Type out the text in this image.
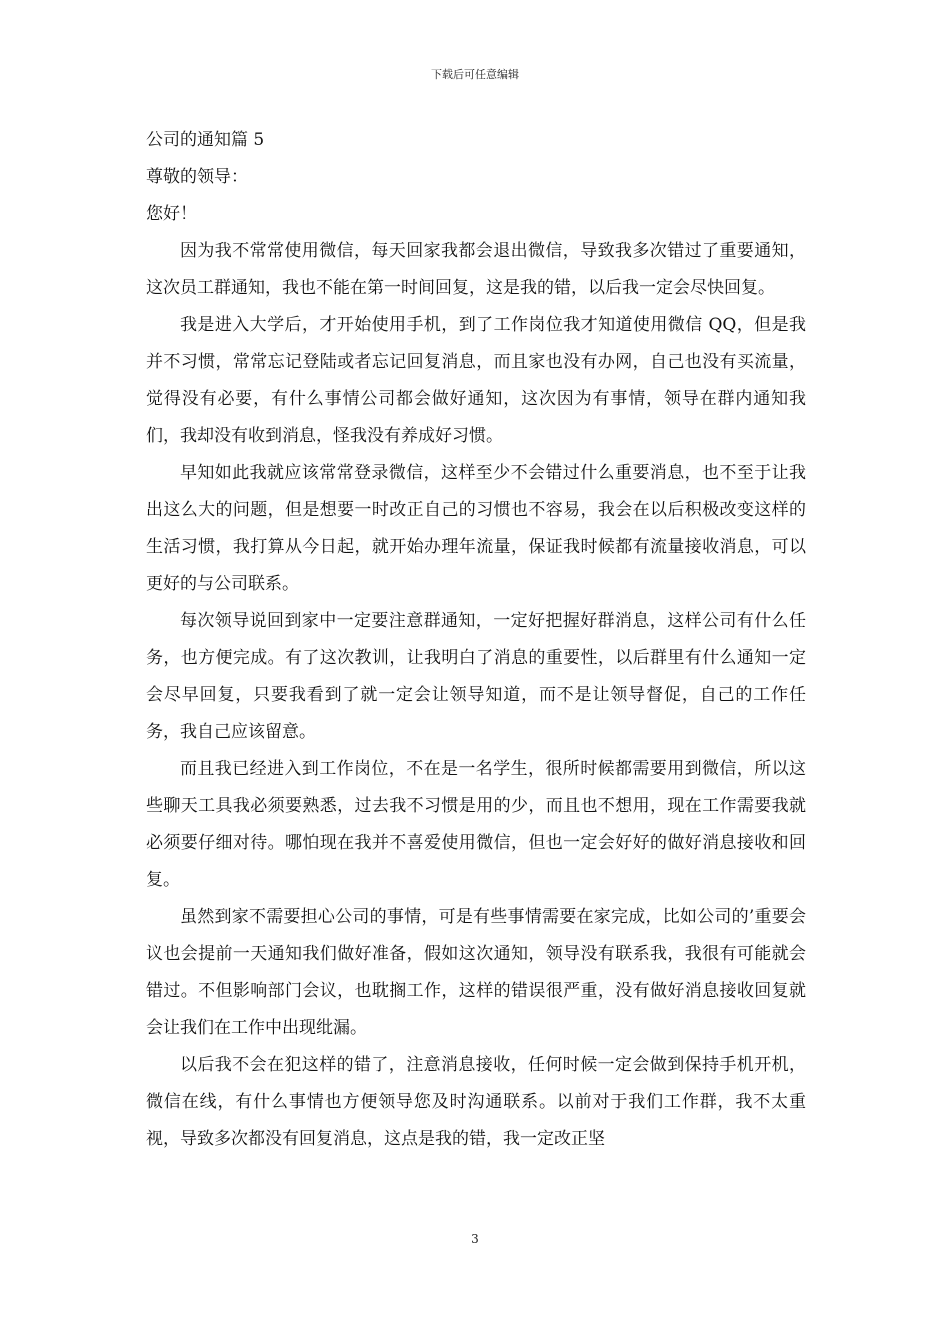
下载后可任意编辑

公司的通知篇 5

尊敬的领导：

您好！

因为我不常常使用微信，每天回家我都会退出微信，导致我多次错过了重要通知，这次员工群通知，我也不能在第一时间回复，这是我的错，以后我一定会尽快回复。

我是进入大学后，才开始使用手机，到了工作岗位我才知道使用微信 QQ，但是我并不习惯，常常忘记登陆或者忘记回复消息，而且家也没有办网，自己也没有买流量，觉得没有必要，有什么事情公司都会做好通知，这次因为有事情，领导在群内通知我们，我却没有收到消息，怪我没有养成好习惯。

早知如此我就应该常常登录微信，这样至少不会错过什么重要消息，也不至于让我出这么大的问题，但是想要一时改正自己的习惯也不容易，我会在以后积极改变这样的生活习惯，我打算从今日起，就开始办理年流量，保证我时候都有流量接收消息，可以更好的与公司联系。

每次领导说回到家中一定要注意群通知，一定好把握好群消息，这样公司有什么任务，也方便完成。有了这次教训，让我明白了消息的重要性，以后群里有什么通知一定会尽早回复，只要我看到了就一定会让领导知道，而不是让领导督促，自己的工作任务，我自己应该留意。

而且我已经进入到工作岗位，不在是一名学生，很所时候都需要用到微信，所以这些聊天工具我必须要熟悉，过去我不习惯是用的少，而且也不想用，现在工作需要我就必须要仔细对待。哪怕现在我并不喜爱使用微信，但也一定会好好的做好消息接收和回复。

虽然到家不需要担心公司的事情，可是有些事情需要在家完成，比如公司的’重要会议也会提前一天通知我们做好准备，假如这次通知，领导没有联系我，我很有可能就会错过。不但影响部门会议，也耽搁工作，这样的错误很严重，没有做好消息接收回复就会让我们在工作中出现纰漏。

以后我不会在犯这样的错了，注意消息接收，任何时候一定会做到保持手机开机，微信在线，有什么事情也方便领导您及时沟通联系。以前对于我们工作群，我不太重视，导致多次都没有回复消息，这点是我的错，我一定改正坚

3
